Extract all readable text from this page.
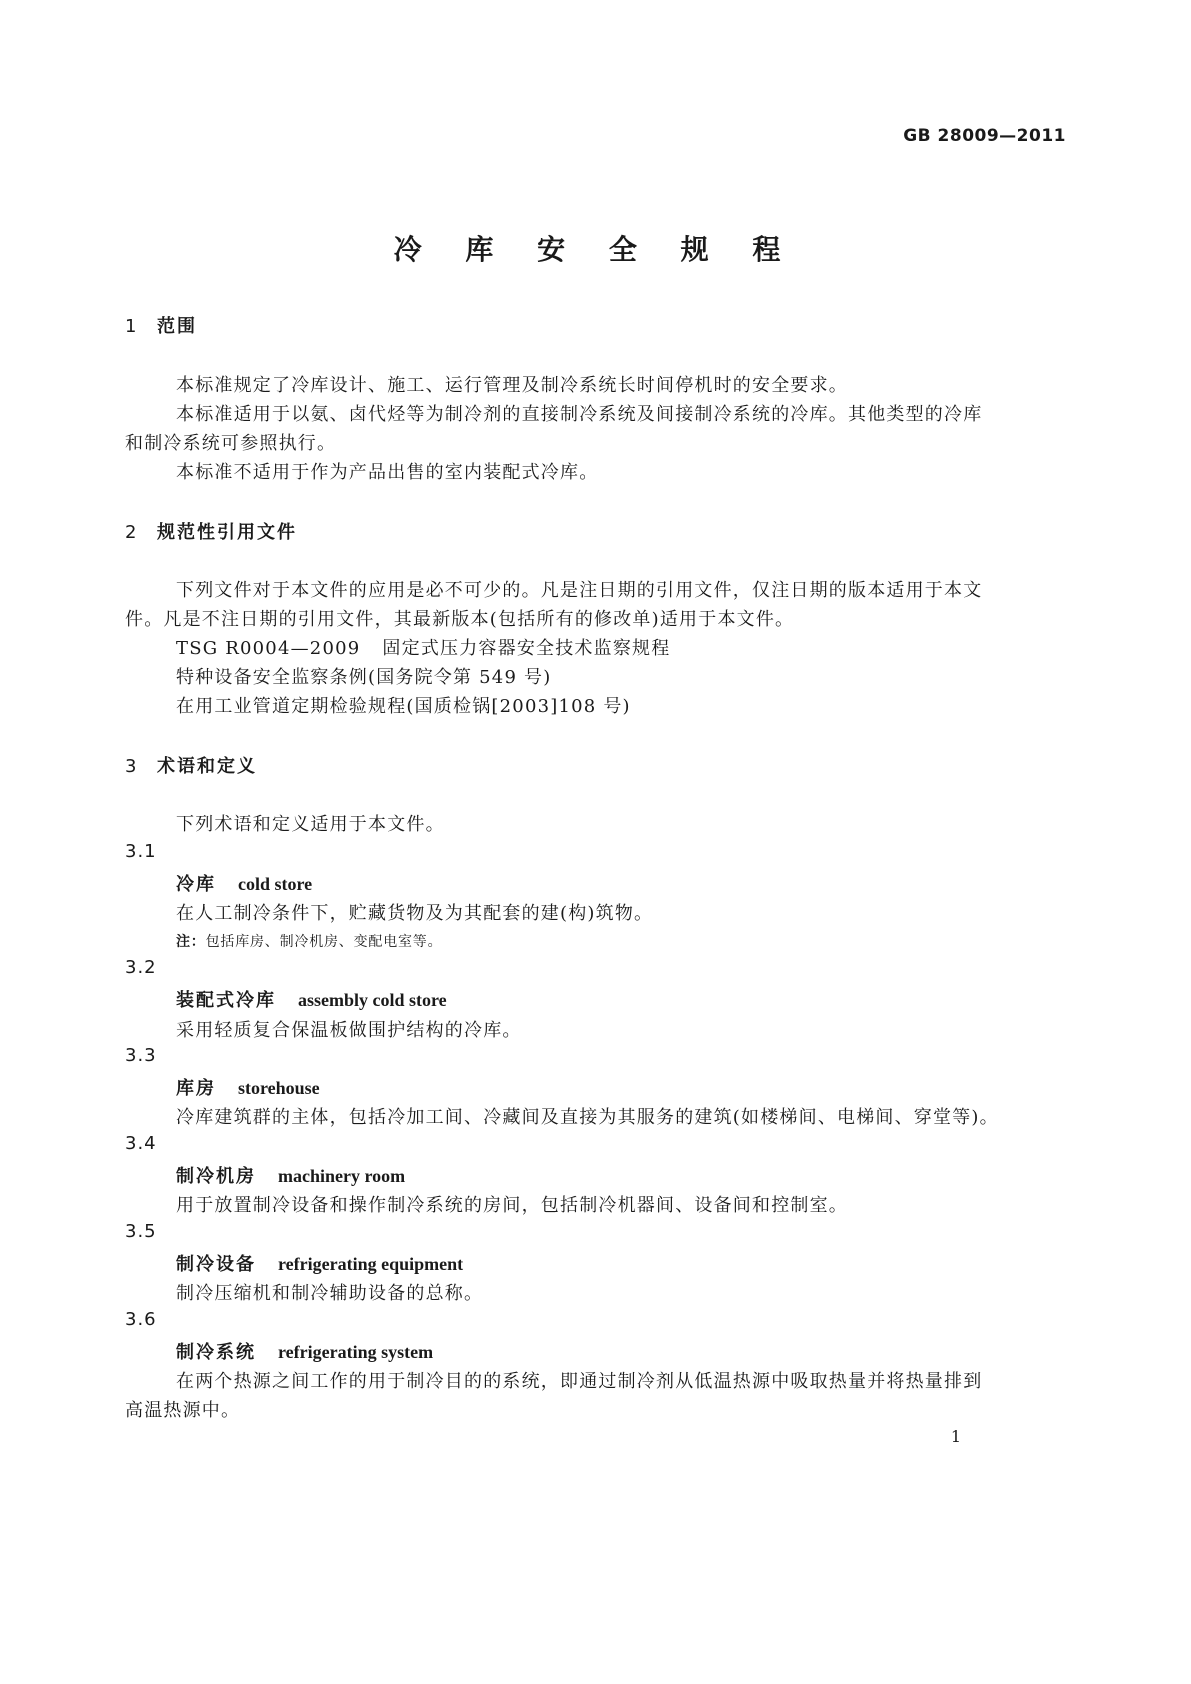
GB 28009—2011
冷 库 安 全 规 程
1 范围
本标准规定了冷库设计、施工、运行管理及制冷系统长时间停机时的安全要求。
本标准适用于以氨、卤代烃等为制冷剂的直接制冷系统及间接制冷系统的冷库。其他类型的冷库
和制冷系统可参照执行。
本标准不适用于作为产品出售的室内装配式冷库。
2 规范性引用文件
下列文件对于本文件的应用是必不可少的。凡是注日期的引用文件，仅注日期的版本适用于本文
件。凡是不注日期的引用文件，其最新版本(包括所有的修改单)适用于本文件。
TSG R0004—2009 固定式压力容器安全技术监察规程
特种设备安全监察条例(国务院令第 549 号)
在用工业管道定期检验规程(国质检锅[2003]108 号)
3 术语和定义
下列术语和定义适用于本文件。
3.1
冷库 cold store
在人工制冷条件下，贮藏货物及为其配套的建(构)筑物。
注：包括库房、制冷机房、变配电室等。
3.2
装配式冷库 assembly cold store
采用轻质复合保温板做围护结构的冷库。
3.3
库房 storehouse
冷库建筑群的主体，包括冷加工间、冷藏间及直接为其服务的建筑(如楼梯间、电梯间、穿堂等)。
3.4
制冷机房 machinery room
用于放置制冷设备和操作制冷系统的房间，包括制冷机器间、设备间和控制室。
3.5
制冷设备 refrigerating equipment
制冷压缩机和制冷辅助设备的总称。
3.6
制冷系统 refrigerating system
在两个热源之间工作的用于制冷目的的系统，即通过制冷剂从低温热源中吸取热量并将热量排到
高温热源中。
1
